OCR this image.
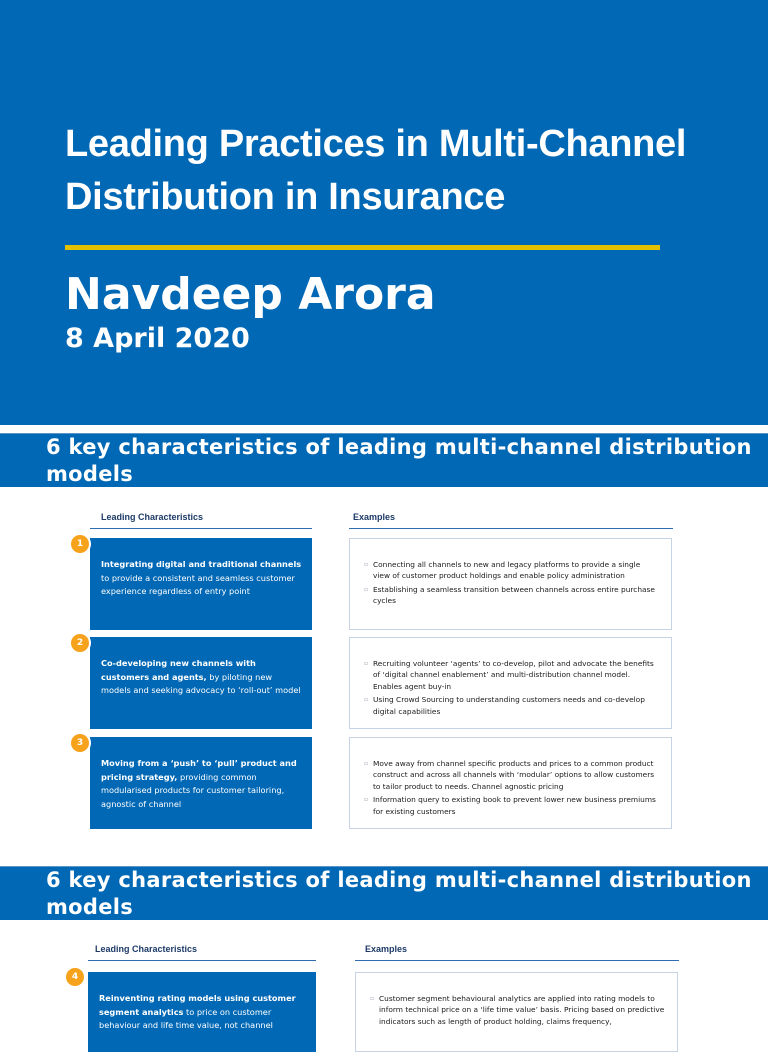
Leading Practices in Multi-Channel Distribution in Insurance
Navdeep Arora
8 April 2020
6 key characteristics of leading multi-channel distribution models
Leading Characteristics	Examples
Integrating digital and traditional channels to provide a consistent and seamless customer experience regardless of entry point
1
▫ Connecting all channels to new and legacy platforms to provide a single view of customer product holdings and enable policy administration
▫ Establishing a seamless transition between channels across entire purchase cycles
Co-developing new channels with customers and agents, by piloting new models and seeking advocacy to ‘roll-out’ model
2
▫ Recruiting volunteer ‘agents’ to co-develop, pilot and advocate the benefits of ‘digital channel enablement’ and multi-distribution channel model. Enables agent buy-in
▫ Using Crowd Sourcing to understanding customers needs and co-develop digital capabilities
Moving from a ‘push’ to ‘pull’ product and pricing strategy, providing common modularised products for customer tailoring, agnostic of channel
3
▫ Move away from channel specific products and prices to a common product construct and across all channels with ‘modular’ options to allow customers to tailor product to needs. Channel agnostic pricing
▫ Information query to existing book to prevent lower new business premiums for existing customers
6 key characteristics of leading multi-channel distribution models
Leading Characteristics	Examples
Reinventing rating models using customer segment analytics to price on customer behaviour and life time value, not channel
4
▫ Customer segment behavioural analytics are applied into rating models to inform technical price on a ‘life time value’ basis. Pricing based on predictive indicators such as length of product holding, claims frequency,
